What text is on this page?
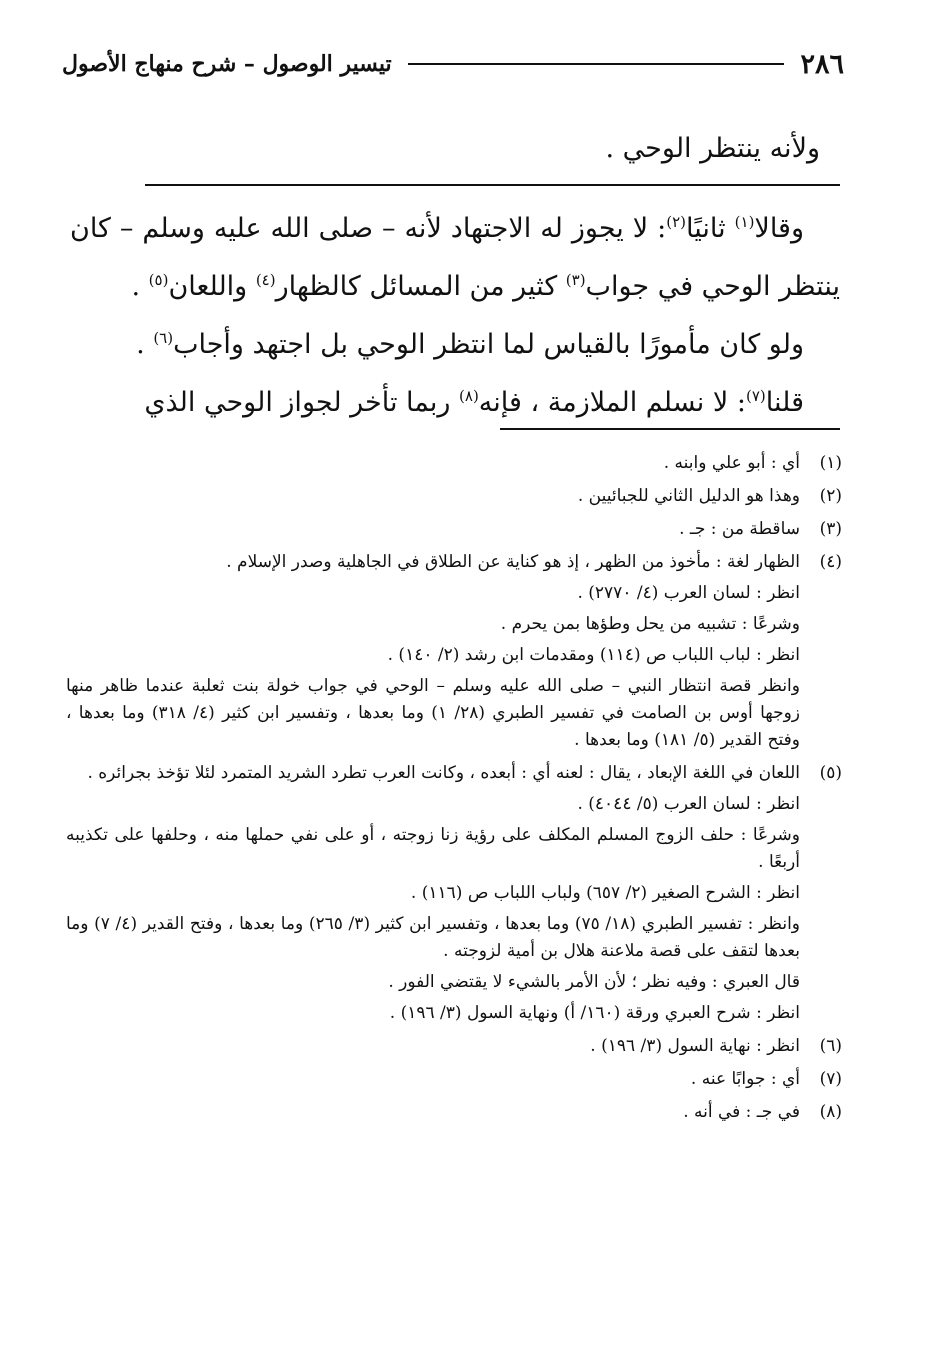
٢٨٦
تيسير الوصول – شرح منهاج الأصول

ولأنه ينتظر الوحي .

وقالا$^{(١)}$ ثانيًا$^{(٢)}$: لا يجوز له الاجتهاد لأنه – صلى الله عليه وسلم – كان ينتظر الوحي في جواب$^{(٣)}$ كثير من المسائل كالظهار$^{(٤)}$ واللعان$^{(٥)}$ .

ولو كان مأمورًا بالقياس لما انتظر الوحي بل اجتهد وأجاب$^{(٦)}$ .

قلنا$^{(٧)}$: لا نسلم الملازمة ، فإنه$^{(٨)}$ ربما تأخر لجواز الوحي الذي

(١)
أي : أبو علي وابنه .
(٢)
وهذا هو الدليل الثاني للجبائيين .
(٣)
ساقطة من : جـ .
(٤)
الظهار لغة : مأخوذ من الظهر ، إذ هو كناية عن الطلاق في الجاهلية وصدر الإسلام .
انظر : لسان العرب (٤/ ٢٧٧٠) .
وشرعًا : تشبيه من يحل وطؤها بمن يحرم .
انظر : لباب اللباب ص (١١٤) ومقدمات ابن رشد (٢/ ١٤٠) .
وانظر قصة انتظار النبي – صلى الله عليه وسلم – الوحي في جواب خولة بنت ثعلبة عندما ظاهر منها زوجها أوس بن الصامت في تفسير الطبري (٢٨/ ١) وما بعدها ، وتفسير ابن كثير (٤/ ٣١٨) وما بعدها ، وفتح القدير (٥/ ١٨١) وما بعدها .
(٥)
اللعان في اللغة الإبعاد ، يقال : لعنه أي : أبعده ، وكانت العرب تطرد الشريد المتمرد لئلا تؤخذ بجرائره .
انظر : لسان العرب (٥/ ٤٠٤٤) .
وشرعًا : حلف الزوج المسلم المكلف على رؤية زنا زوجته ، أو على نفي حملها منه ، وحلفها على تكذيبه أربعًا .
انظر : الشرح الصغير (٢/ ٦٥٧) ولباب اللباب ص (١١٦) .
وانظر : تفسير الطبري (١٨/ ٧٥) وما بعدها ، وتفسير ابن كثير (٣/ ٢٦٥) وما بعدها ، وفتح القدير (٤/ ٧) وما بعدها لتقف على قصة ملاعنة هلال بن أمية لزوجته .
قال العبري : وفيه نظر ؛ لأن الأمر بالشيء لا يقتضي الفور .
انظر : شرح العبري ورقة (١٦٠/ أ) ونهاية السول (٣/ ١٩٦) .
(٦)
انظر : نهاية السول (٣/ ١٩٦) .
(٧)
أي : جوابًا عنه .
(٨)
في جـ : في أنه .
